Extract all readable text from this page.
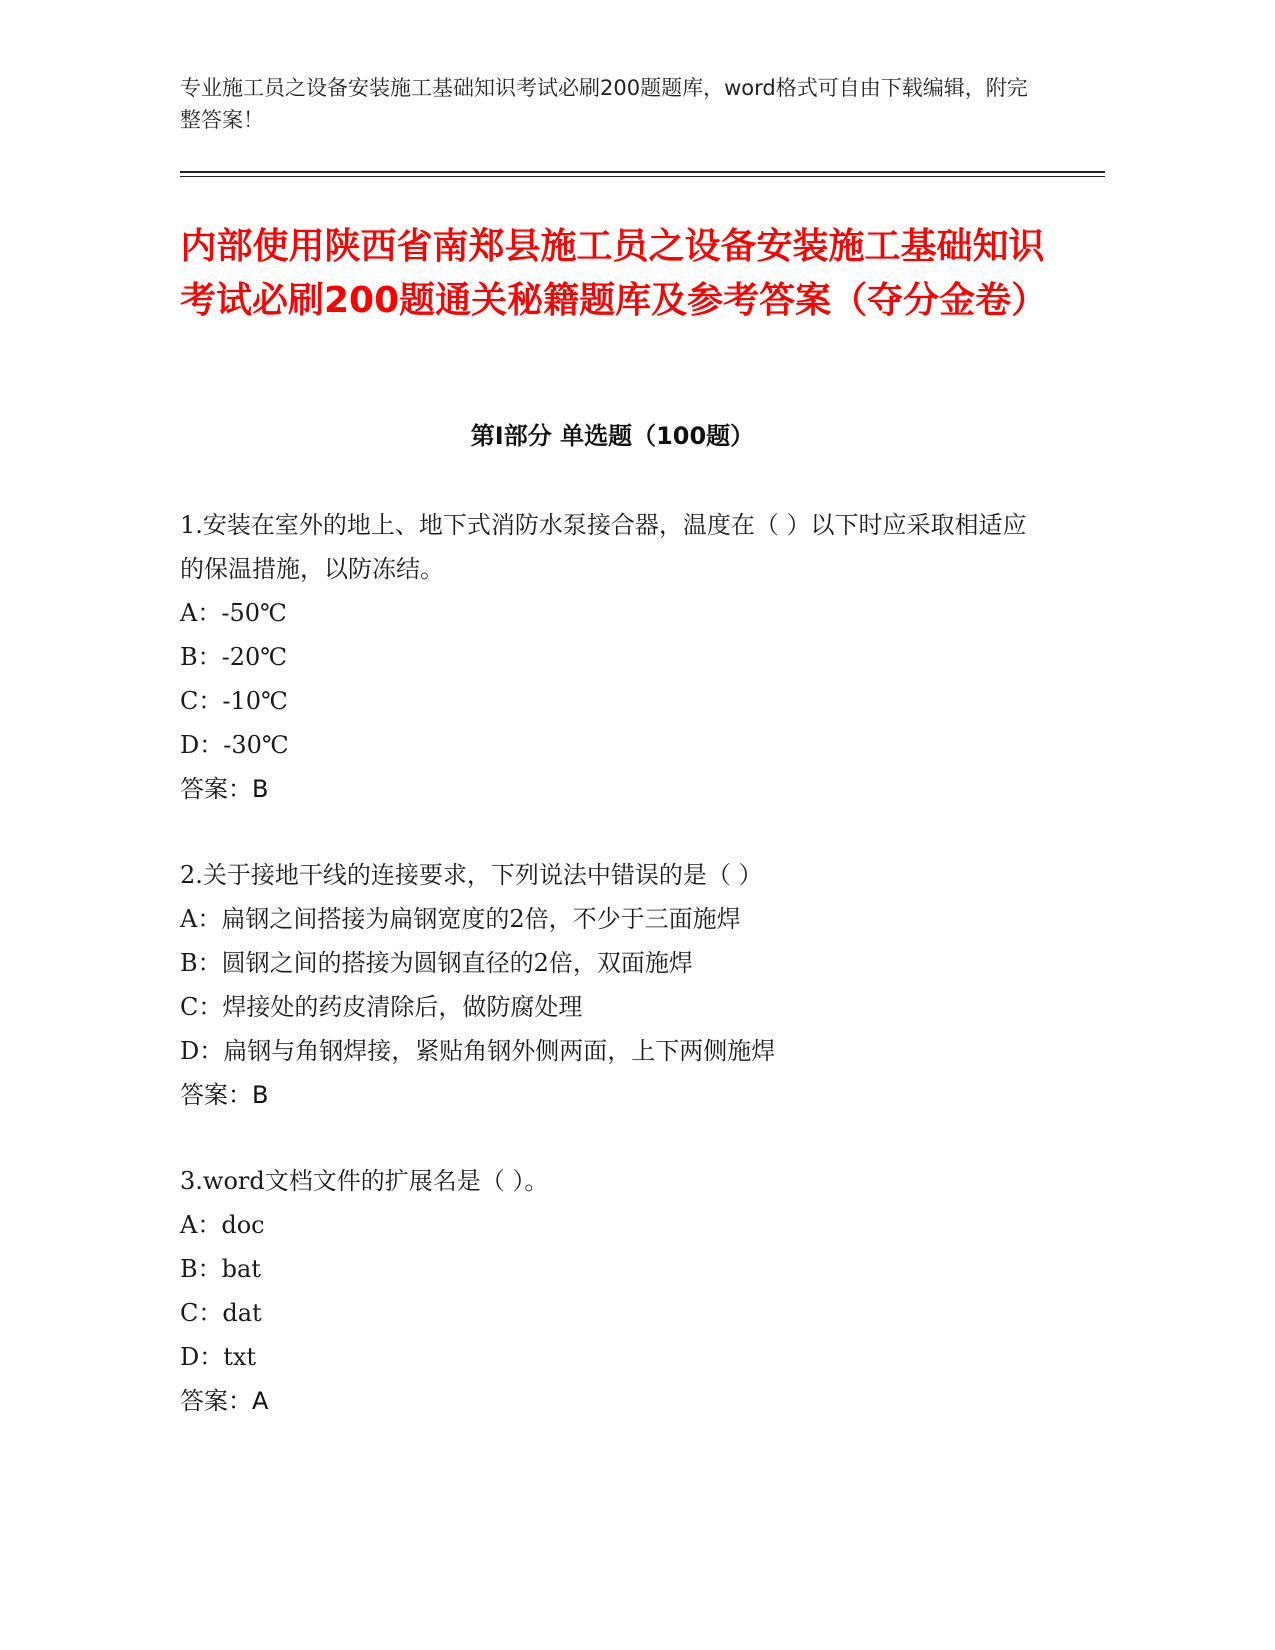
专业施工员之设备安装施工基础知识考试必刷200题题库，word格式可自由下载编辑，附完整答案！
内部使用陕西省南郑县施工员之设备安装施工基础知识考试必刷200题通关秘籍题库及参考答案（夺分金卷）
第Ⅰ部分 单选题（100题）
1.安装在室外的地上、地下式消防水泵接合器，温度在（ ）以下时应采取相适应的保温措施，以防冻结。
A：-50℃
B：-20℃
C：-10℃
D：-30℃
答案：B
2.关于接地干线的连接要求，下列说法中错误的是（ ）
A：扁钢之间搭接为扁钢宽度的2倍，不少于三面施焊
B：圆钢之间的搭接为圆钢直径的2倍，双面施焊
C：焊接处的药皮清除后，做防腐处理
D：扁钢与角钢焊接，紧贴角钢外侧两面，上下两侧施焊
答案：B
3.word文档文件的扩展名是（ ）。
A：doc
B：bat
C：dat
D：txt
答案：A
